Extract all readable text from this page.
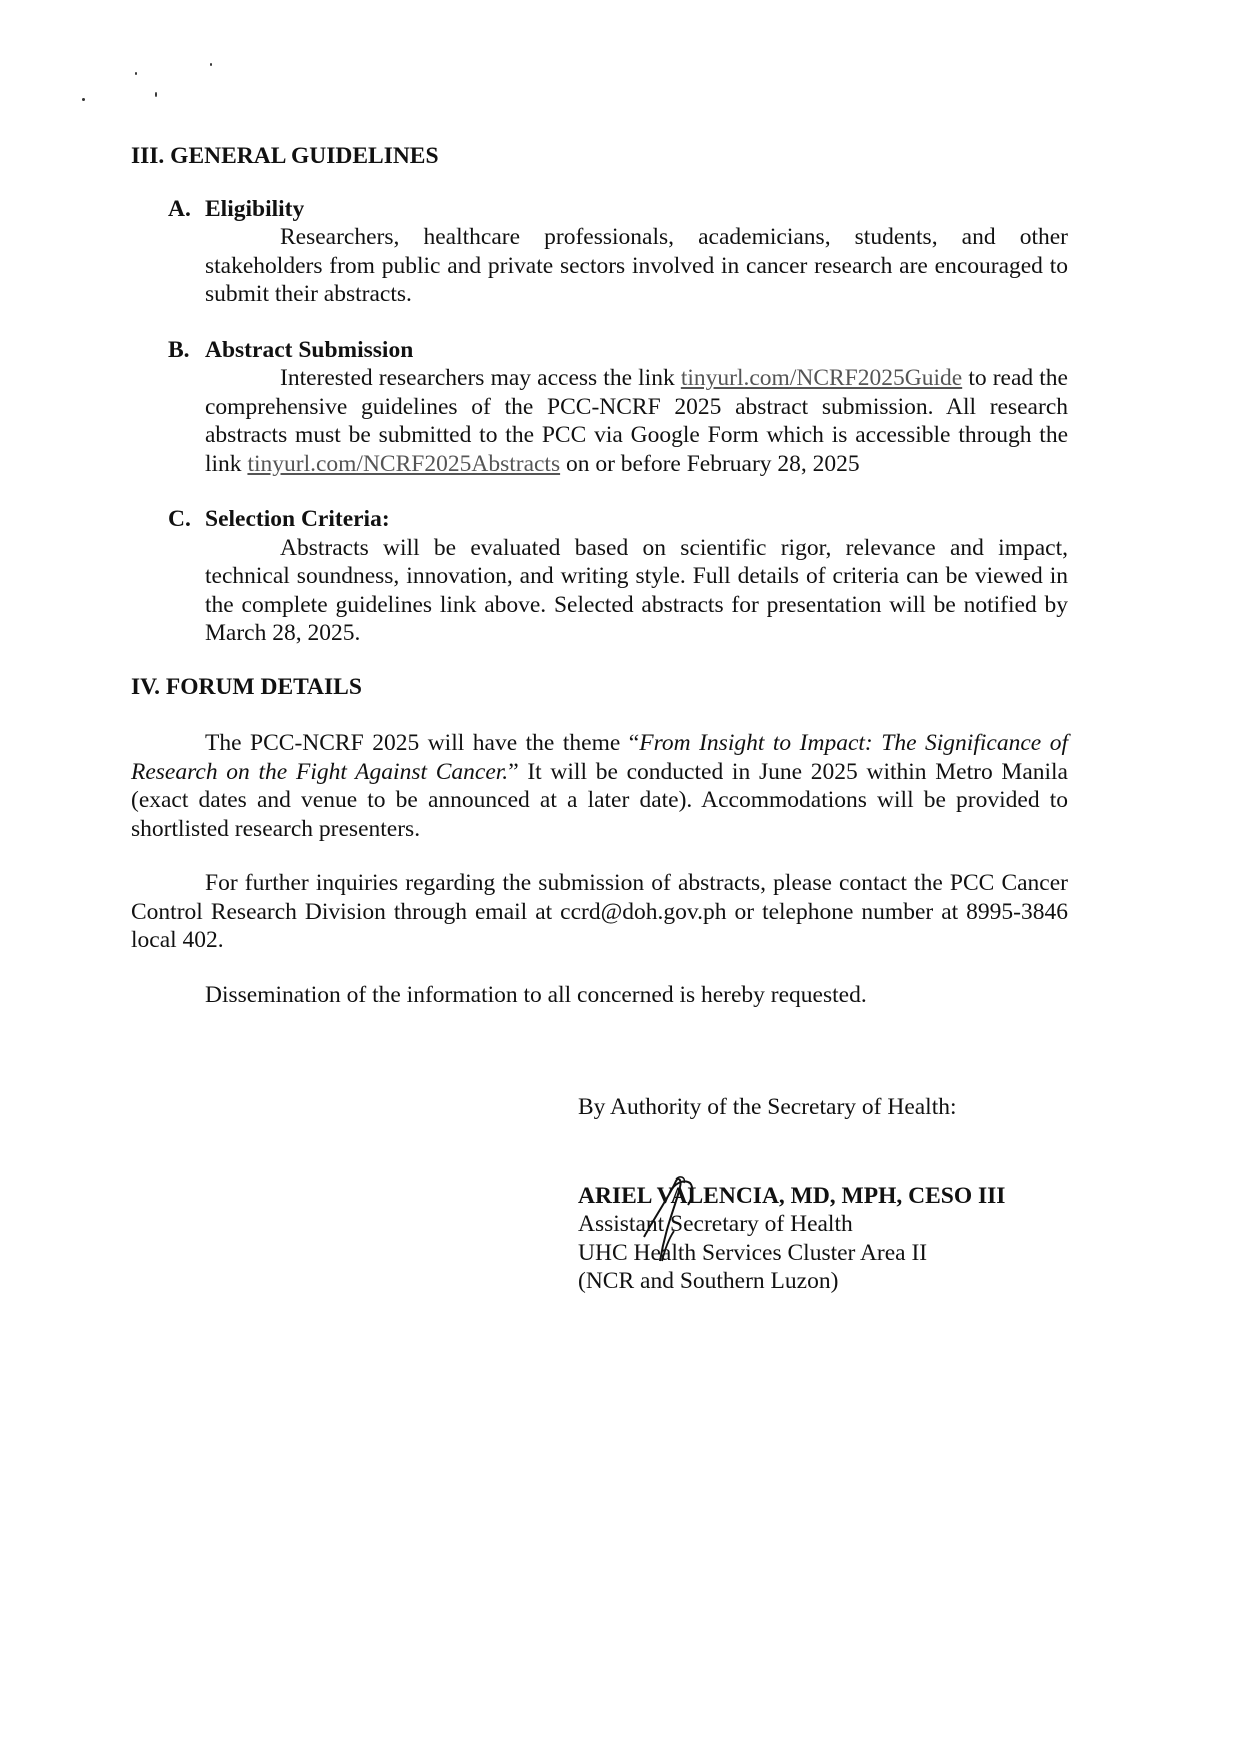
III. GENERAL GUIDELINES
A. Eligibility
Researchers, healthcare professionals, academicians, students, and other stakeholders from public and private sectors involved in cancer research are encouraged to submit their abstracts.
B. Abstract Submission
Interested researchers may access the link tinyurl.com/NCRF2025Guide to read the comprehensive guidelines of the PCC-NCRF 2025 abstract submission. All research abstracts must be submitted to the PCC via Google Form which is accessible through the link tinyurl.com/NCRF2025Abstracts on or before February 28, 2025
C. Selection Criteria:
Abstracts will be evaluated based on scientific rigor, relevance and impact, technical soundness, innovation, and writing style. Full details of criteria can be viewed in the complete guidelines link above. Selected abstracts for presentation will be notified by March 28, 2025.
IV. FORUM DETAILS

The PCC-NCRF 2025 will have the theme “From Insight to Impact: The Significance of Research on the Fight Against Cancer.” It will be conducted in June 2025 within Metro Manila (exact dates and venue to be announced at a later date). Accommodations will be provided to shortlisted research presenters.

For further inquiries regarding the submission of abstracts, please contact the PCC Cancer Control Research Division through email at ccrd@doh.gov.ph or telephone number at 8995-3846 local 402.

Dissemination of the information to all concerned is hereby requested.

By Authority of the Secretary of Health:
ARIEL VALENCIA, MD, MPH, CESO III
Assistant Secretary of Health
UHC Health Services Cluster Area II
(NCR and Southern Luzon)
